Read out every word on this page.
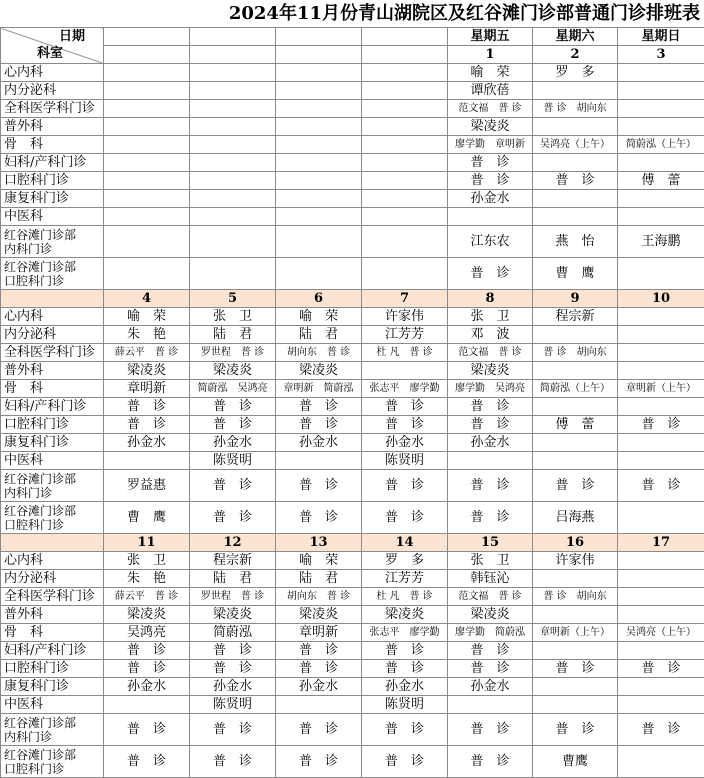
2024年11月份青山湖院区及红谷滩门诊部普通门诊排班表
日期
科室					星期五	星期六	星期日
					1	2	3

心内科					喻　荣	罗　多	

内分泌科					谭欣蓓		

全科医学科门诊					范文福　普 诊	普 诊　胡向东	

普外科					梁凌炎		

骨　科					廖学勤　章明新	吴鸿亮（上午）	简蔚泓（上午）

妇科/产科门诊					普　诊		

口腔科门诊					普　诊	普　诊	傅　蕾

康复科门诊					孙金水		

中医科							

红谷滩门诊部
内科门诊					江东农	燕　怡	王海鹏

红谷滩门诊部
口腔科门诊					普　诊	曹　鹰	
	4	5	6	7	8	9	10

心内科	喻　荣	张　卫	喻　荣	许家伟	张　卫	程宗新	

内分泌科	朱　艳	陆　君	陆　君	江芳芳	邓　波		

全科医学科门诊	薛云平　普 诊	罗世程　普 诊	胡向东　普 诊	杜 凡　普 诊	范文福　普 诊	普 诊　胡向东	

普外科	梁凌炎	梁凌炎	梁凌炎		梁凌炎		

骨　科	章明新	简蔚泓　吴鸿亮	章明新　简蔚泓	张志平　廖学勤	廖学勤　吴鸿亮	简蔚泓（上午）	章明新（上午）

妇科/产科门诊	普　诊	普　诊	普　诊	普　诊	普　诊		

口腔科门诊	普　诊	普　诊	普　诊	普　诊	普　诊	傅　蕾	普　诊

康复科门诊	孙金水	孙金水	孙金水	孙金水	孙金水		

中医科		陈贤明		陈贤明			

红谷滩门诊部
内科门诊	罗益惠	普　诊	普　诊	普　诊	普　诊	普　诊	普　诊

红谷滩门诊部
口腔科门诊	曹　鹰	普　诊	普　诊	普　诊	普　诊	吕海燕	
	11	12	13	14	15	16	17

心内科	张　卫	程宗新	喻　荣	罗　多	张　卫	许家伟	

内分泌科	朱　艳	陆　君	陆　君	江芳芳	韩钰沁		

全科医学科门诊	薛云平　普 诊	罗世程　普 诊	胡向东　普 诊	杜 凡　普 诊	范文福　普 诊	普 诊　胡向东	

普外科	梁凌炎	梁凌炎	梁凌炎	梁凌炎	梁凌炎		

骨　科	吴鸿亮	简蔚泓	章明新	张志平　廖学勤	廖学勤　简蔚泓	章明新（上午）	吴鸿亮（上午）

妇科/产科门诊	普　诊	普　诊	普　诊	普　诊	普　诊		

口腔科门诊	普　诊	普　诊	普　诊	普　诊	普　诊	普　诊	普　诊

康复科门诊	孙金水	孙金水	孙金水	孙金水	孙金水		

中医科		陈贤明		陈贤明			

红谷滩门诊部
内科门诊	普　诊	普　诊	普　诊	普　诊	普　诊	普　诊	普　诊

红谷滩门诊部
口腔科门诊	普　诊	普　诊	普　诊	普　诊	普　诊	曹鹰	
